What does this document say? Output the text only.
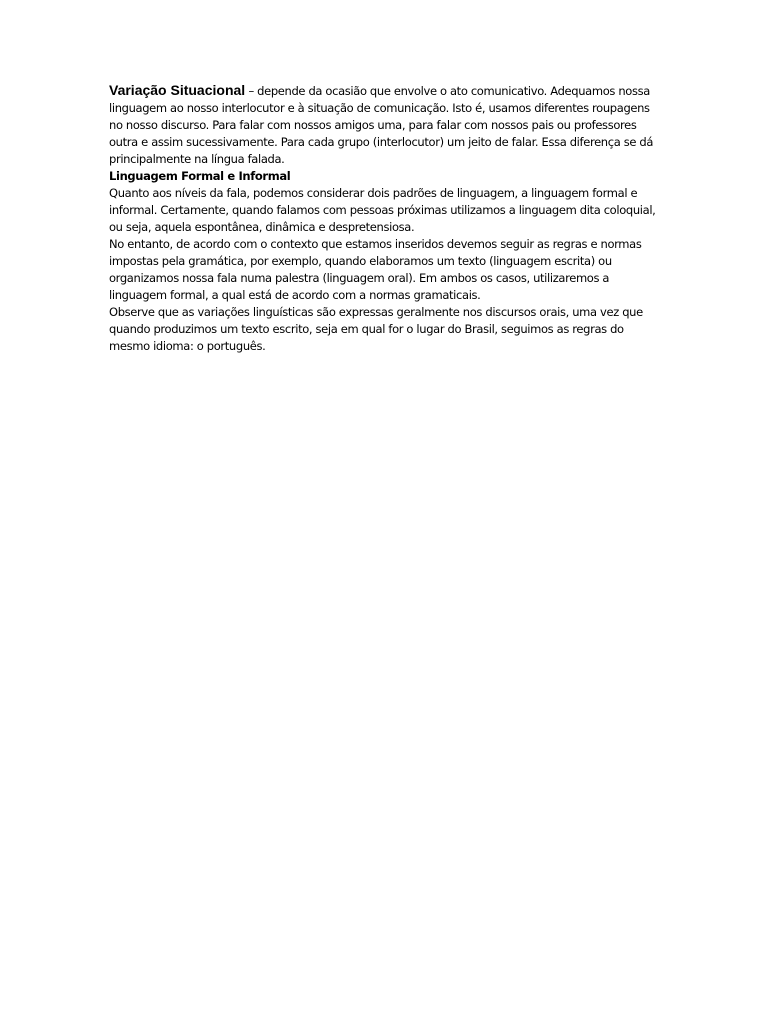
Variação Situacional – depende da ocasião que envolve o ato comunicativo. Adequamos nossa linguagem ao nosso interlocutor e à situação de comunicação. Isto é, usamos diferentes roupagens no nosso discurso. Para falar com nossos amigos uma, para falar com nossos pais ou professores outra e assim sucessivamente. Para cada grupo (interlocutor) um jeito de falar. Essa diferença se dá principalmente na língua falada.

Linguagem Formal e Informal

Quanto aos níveis da fala, podemos considerar dois padrões de linguagem, a linguagem formal e informal. Certamente, quando falamos com pessoas próximas utilizamos a linguagem dita coloquial, ou seja, aquela espontânea, dinâmica e despretensiosa.

No entanto, de acordo com o contexto que estamos inseridos devemos seguir as regras e normas impostas pela gramática, por exemplo, quando elaboramos um texto (linguagem escrita) ou organizamos nossa fala numa palestra (linguagem oral). Em ambos os casos, utilizaremos a linguagem formal, a qual está de acordo com a normas gramaticais.

Observe que as variações linguísticas são expressas geralmente nos discursos orais, uma vez que quando produzimos um texto escrito, seja em qual for o lugar do Brasil, seguimos as regras do mesmo idioma: o português.
